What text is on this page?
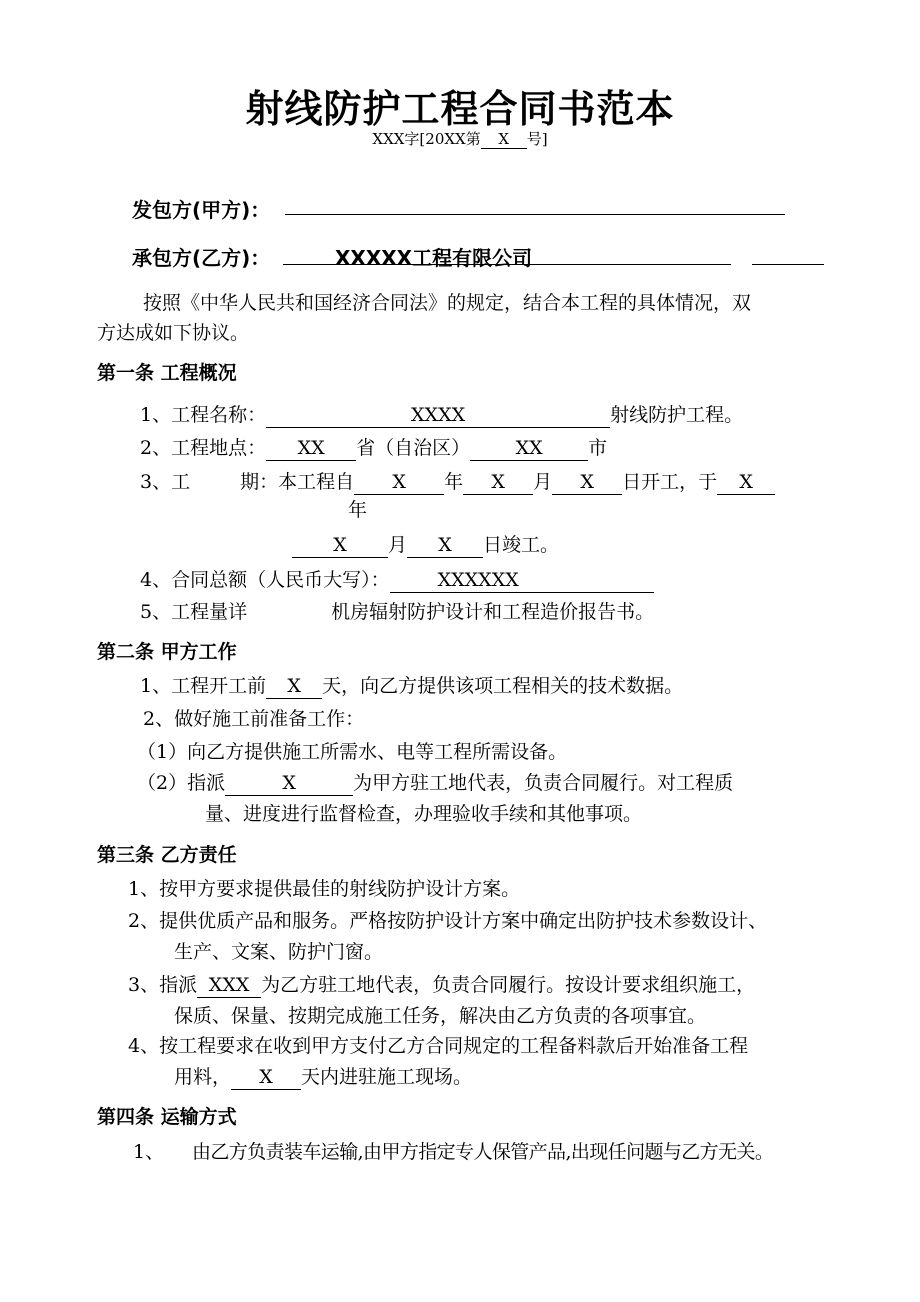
射线防护工程合同书范本
XXX字[20XX第 X 号]
发包方(甲方)：
承包方(乙方)：	XXXXX工程有限公司
按照《中华人民共和国经济合同法》的规定，结合本工程的具体情况，双
方达成如下协议。
第一条 工程概况
1、工程名称：	XXXX	射线防护工程。
2、工程地点： XX 省（自治区） XX 市
3、工	期：本工程自 X 年 X 月 X 日开工，于 X
年
X 月 X 日竣工。
4、合同总额（人民币大写）：	XXXXXX
5、工程量详	机房辐射防护设计和工程造价报告书。
第二条 甲方工作
1、工程开工前 X 天，向乙方提供该项工程相关的技术数据。
2、做好施工前准备工作：
（1）向乙方提供施工所需水、电等工程所需设备。
（2）指派	X	为甲方驻工地代表，负责合同履行。对工程质
量、进度进行监督检查，办理验收手续和其他事项。
第三条 乙方责任
1、按甲方要求提供最佳的射线防护设计方案。
2、提供优质产品和服务。严格按防护设计方案中确定出防护技术参数设计、
生产、文案、防护门窗。
3、指派 XXX 为乙方驻工地代表，负责合同履行。按设计要求组织施工，
保质、保量、按期完成施工任务，解决由乙方负责的各项事宜。
4、按工程要求在收到甲方支付乙方合同规定的工程备料款后开始准备工程
用料， X 天内进驻施工现场。
第四条 运输方式
1、 由乙方负责装车运输,由甲方指定专人保管产品,出现任问题与乙方无关。
